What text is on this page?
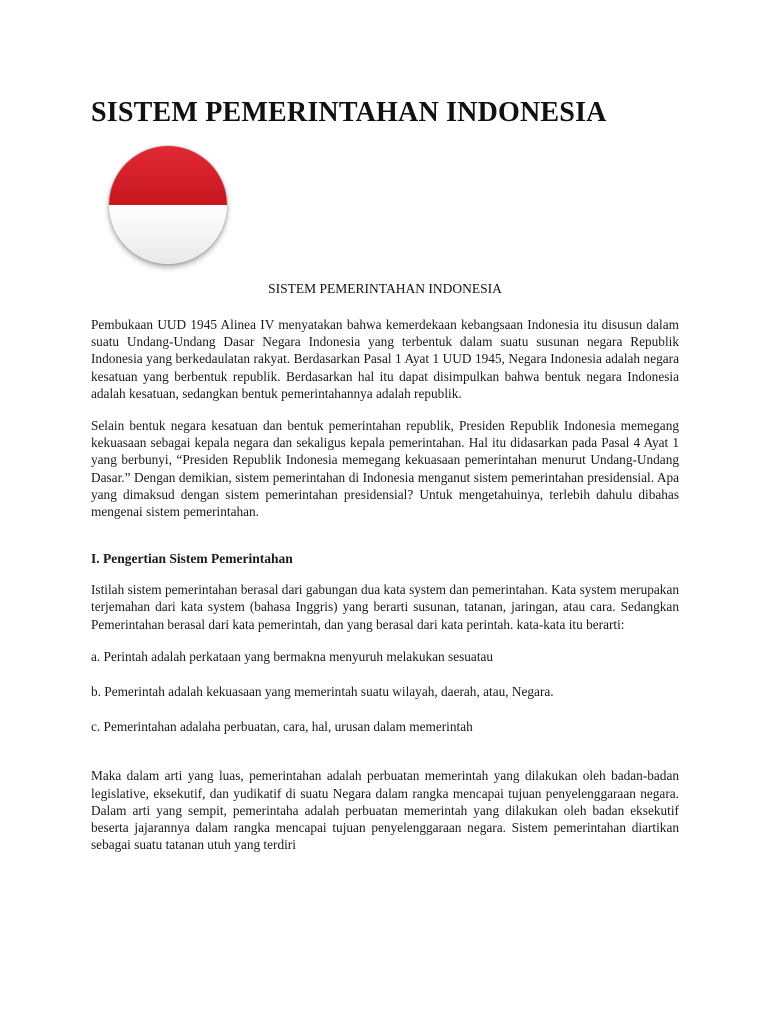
SISTEM PEMERINTAHAN INDONESIA
SISTEM PEMERINTAHAN INDONESIA

Pembukaan UUD 1945 Alinea IV menyatakan bahwa kemerdekaan kebangsaan Indonesia itu disusun dalam suatu Undang-Undang Dasar Negara Indonesia yang terbentuk dalam suatu susunan negara Republik Indonesia yang berkedaulatan rakyat. Berdasarkan Pasal 1 Ayat 1 UUD 1945, Negara Indonesia adalah negara kesatuan yang berbentuk republik. Berdasarkan hal itu dapat disimpulkan bahwa bentuk negara Indonesia adalah kesatuan, sedangkan bentuk pemerintahannya adalah republik.

Selain bentuk negara kesatuan dan bentuk pemerintahan republik, Presiden Republik Indonesia memegang kekuasaan sebagai kepala negara dan sekaligus kepala pemerintahan. Hal itu didasarkan pada Pasal 4 Ayat 1 yang berbunyi, “Presiden Republik Indonesia memegang kekuasaan pemerintahan menurut Undang-Undang Dasar.” Dengan demikian, sistem pemerintahan di Indonesia menganut sistem pemerintahan presidensial. Apa yang dimaksud dengan sistem pemerintahan presidensial? Untuk mengetahuinya, terlebih dahulu dibahas mengenai sistem pemerintahan.

I. Pengertian Sistem Pemerintahan

Istilah sistem pemerintahan berasal dari gabungan dua kata system dan pemerintahan. Kata system merupakan terjemahan dari kata system (bahasa Inggris) yang berarti susunan, tatanan, jaringan, atau cara. Sedangkan Pemerintahan berasal dari kata pemerintah, dan yang berasal dari kata perintah. kata-kata itu berarti:

a. Perintah adalah perkataan yang bermakna menyuruh melakukan sesuatau

b. Pemerintah adalah kekuasaan yang memerintah suatu wilayah, daerah, atau, Negara.

c. Pemerintahan adalaha perbuatan, cara, hal, urusan dalam memerintah

Maka dalam arti yang luas, pemerintahan adalah perbuatan memerintah yang dilakukan oleh badan-badan legislative, eksekutif, dan yudikatif di suatu Negara dalam rangka mencapai tujuan penyelenggaraan negara. Dalam arti yang sempit, pemerintaha adalah perbuatan memerintah yang dilakukan oleh badan eksekutif beserta jajarannya dalam rangka mencapai tujuan penyelenggaraan negara. Sistem pemerintahan diartikan sebagai suatu tatanan utuh yang terdiri
